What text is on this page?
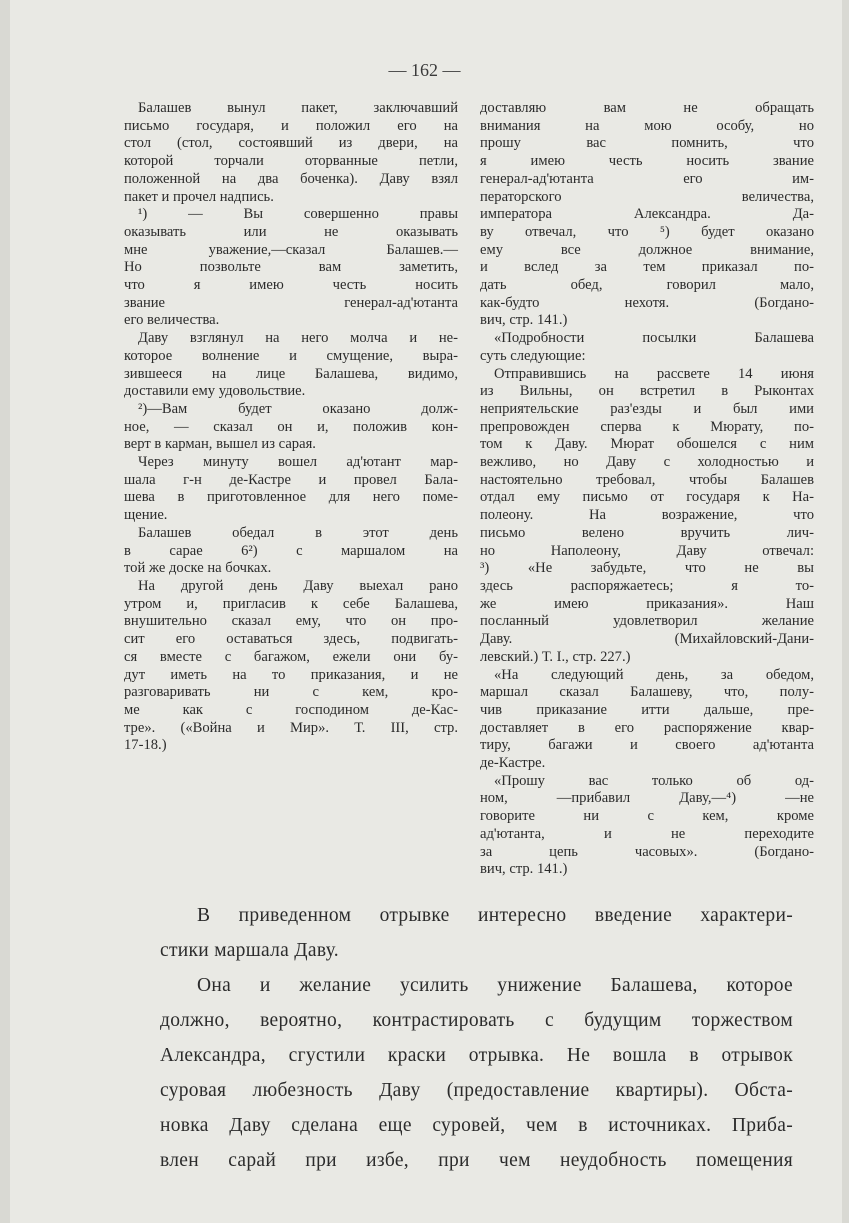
— 162 —
Балашев вынул пакет, заключавший
письмо государя, и положил его на
стол (стол, состоявший из двери, на
которой торчали оторванные петли,
положенной на два боченка). Даву взял
пакет и прочел надпись.
¹) — Вы совершенно правы
оказывать или не оказывать
мне уважение,—сказал Балашев.—
Но позвольте вам заметить,
что я имею честь носить
звание генерал-ад'ютанта
его величества.
Даву взглянул на него молча и не-
которое волнение и смущение, выра-
зившееся на лице Балашева, видимо,
доставили ему удовольствие.
²)—Вам будет оказано долж-
ное, — сказал он и, положив кон-
верт в карман, вышел из сарая.
Через минуту вошел ад'ютант мар-
шала г-н де-Кастре и провел Бала-
шева в приготовленное для него поме-
щение.
Балашев обедал в этот день
в сарае 6²) с маршалом на
той же доске на бочках.
На другой день Даву выехал рано
утром и, пригласив к себе Балашева,
внушительно сказал ему, что он про-
сит его оставаться здесь, подвигать-
ся вместе с багажом, ежели они бу-
дут иметь на то приказания, и не
разговаривать ни с кем, кро-
ме как с господином де-Кас-
тре». («Война и Мир». Т. III, стр.
17-18.)
доставляю вам не обращать
внимания на мою особу, но
прошу вас помнить, что
я имею честь носить звание
генерал-ад'ютанта его им-
ператорского величества,
императора Александра. Да-
ву отвечал, что ⁵) будет оказано
ему все должное внимание,
и вслед за тем приказал по-
дать обед, говорил мало,
как-будто нехотя. (Богдано-
вич, стр. 141.)
«Подробности посылки Балашева
суть следующие:
Отправившись на рассвете 14 июня
из Вильны, он встретил в Рыконтах
неприятельские раз'езды и был ими
препровожден сперва к Мюрату, по-
том к Даву. Мюрат обошелся с ним
вежливо, но Даву с холодностью и
настоятельно требовал, чтобы Балашев
отдал ему письмо от государя к На-
полеону. На возражение, что
письмо велено вручить лич-
но Наполеону, Даву отвечал:
³) «Не забудьте, что не вы
здесь распоряжаетесь; я то-
же имею приказания». Наш
посланный удовлетворил желание
Даву. (Михайловский-Дани-
левский.) Т. I., стр. 227.)
«На следующий день, за обедом,
маршал сказал Балашеву, что, полу-
чив приказание итти дальше, пре-
доставляет в его распоряжение квар-
тиру, багажи и своего ад'ютанта
де-Кастре.
«Прошу вас только об од-
ном, —прибавил Даву,—⁴) —не
говорите ни с кем, кроме
ад'ютанта, и не переходите
за цепь часовых». (Богдано-
вич, стр. 141.)
В приведенном отрывке интересно введение характери-
стики маршала Даву.
Она и желание усилить унижение Балашева, которое
должно, вероятно, контрастировать с будущим торжеством
Александра, сгустили краски отрывка. Не вошла в отрывок
суровая любезность Даву (предоставление квартиры). Обста-
новка Даву сделана еще суровей, чем в источниках. Приба-
влен сарай при избе, при чем неудобность помещения
